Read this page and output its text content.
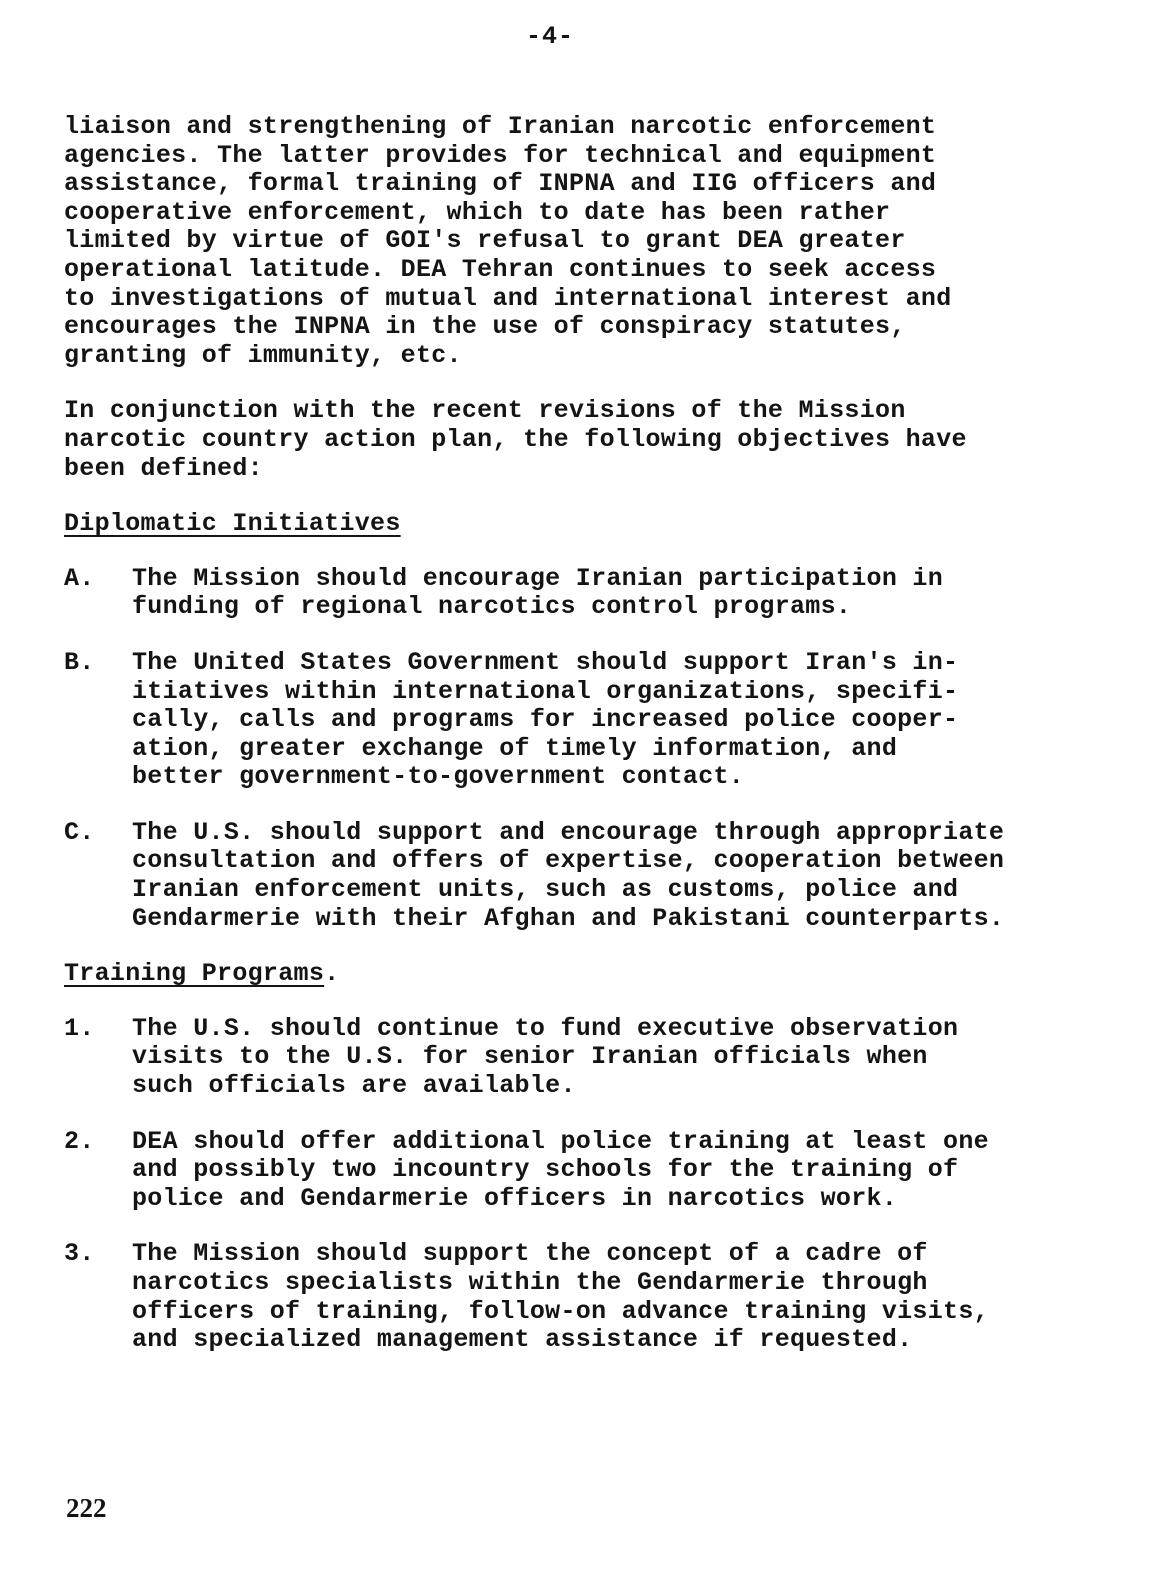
-4-

liaison and strengthening of Iranian narcotic enforcement
agencies. The latter provides for technical and equipment
assistance, formal training of INPNA and IIG officers and
cooperative enforcement, which to date has been rather
limited by virtue of GOI's refusal to grant DEA greater
operational latitude. DEA Tehran continues to seek access
to investigations of mutual and international interest and
encourages the INPNA in the use of conspiracy statutes,
granting of immunity, etc.

In conjunction with the recent revisions of the Mission
narcotic country action plan, the following objectives have
been defined:

Diplomatic Initiatives
A.	The Mission should encourage Iranian participation in
funding of regional narcotics control programs.
B.	The United States Government should support Iran's in-
itiatives within international organizations, specifi-
cally, calls and programs for increased police cooper-
ation, greater exchange of timely information, and
better government-to-government contact.
C.	The U.S. should support and encourage through appropriate
consultation and offers of expertise, cooperation between
Iranian enforcement units, such as customs, police and
Gendarmerie with their Afghan and Pakistani counterparts.
Training Programs.
1.	The U.S. should continue to fund executive observation
visits to the U.S. for senior Iranian officials when
such officials are available.
2.	DEA should offer additional police training at least one
and possibly two incountry schools for the training of
police and Gendarmerie officers in narcotics work.
3.	The Mission should support the concept of a cadre of
narcotics specialists within the Gendarmerie through
officers of training, follow-on advance training visits,
and specialized management assistance if requested.
222
